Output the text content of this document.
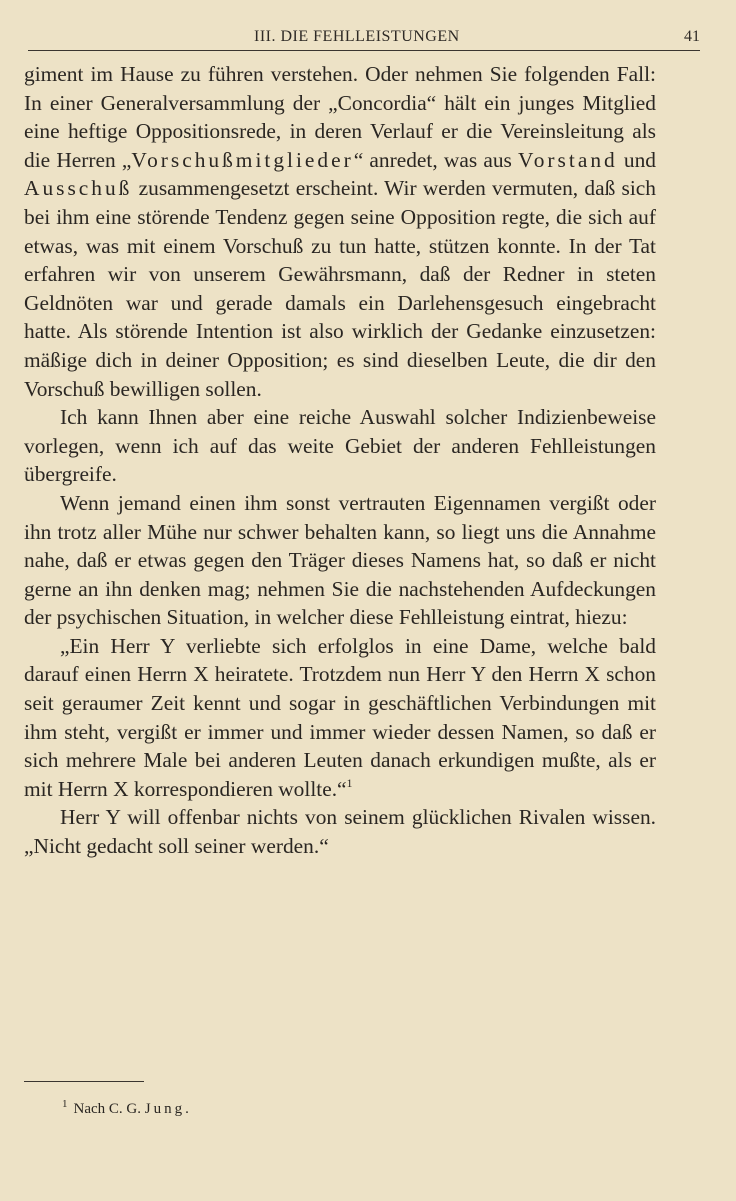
III. DIE FEHLLEISTUNGEN	41

giment im Hause zu führen verstehen. Oder nehmen Sie folgenden Fall: In einer Generalversammlung der „Concordia“ hält ein junges Mitglied eine heftige Oppositionsrede, in deren Verlauf er die Vereinsleitung als die Herren „Vorschußmitglieder“ anredet, was aus Vorstand und Ausschuß zusammengesetzt erscheint. Wir werden vermuten, daß sich bei ihm eine störende Tendenz gegen seine Opposition regte, die sich auf etwas, was mit einem Vorschuß zu tun hatte, stützen konnte. In der Tat erfahren wir von unserem Gewährsmann, daß der Redner in steten Geldnöten war und gerade damals ein Darlehensgesuch eingebracht hatte. Als störende Intention ist also wirklich der Gedanke einzusetzen: mäßige dich in deiner Opposition; es sind dieselben Leute, die dir den Vorschuß bewilligen sollen.

Ich kann Ihnen aber eine reiche Auswahl solcher Indizienbeweise vorlegen, wenn ich auf das weite Gebiet der anderen Fehlleistungen übergreife.

Wenn jemand einen ihm sonst vertrauten Eigennamen vergißt oder ihn trotz aller Mühe nur schwer behalten kann, so liegt uns die Annahme nahe, daß er etwas gegen den Träger dieses Namens hat, so daß er nicht gerne an ihn denken mag; nehmen Sie die nachstehenden Aufdeckungen der psychischen Situation, in welcher diese Fehlleistung eintrat, hiezu:

„Ein Herr Y verliebte sich erfolglos in eine Dame, welche bald darauf einen Herrn X heiratete. Trotzdem nun Herr Y den Herrn X schon seit geraumer Zeit kennt und sogar in geschäftlichen Verbindungen mit ihm steht, vergißt er immer und immer wieder dessen Namen, so daß er sich mehrere Male bei anderen Leuten danach erkundigen mußte, als er mit Herrn X korrespondieren wollte.“$^1$

Herr Y will offenbar nichts von seinem glücklichen Rivalen wissen. „Nicht gedacht soll seiner werden.“

$^1$ Nach C. G. Jung.
